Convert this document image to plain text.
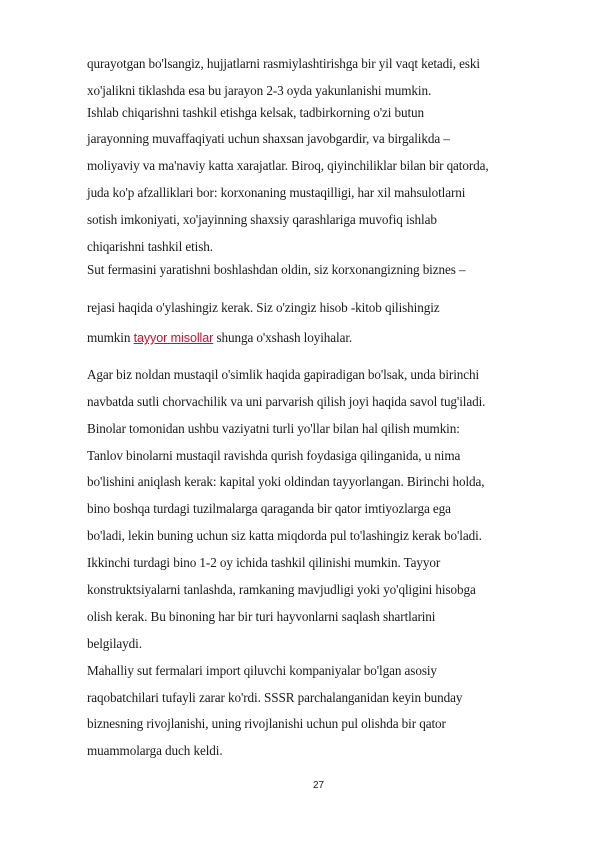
qurayotgan bo'lsangiz, hujjatlarni rasmiylashtirishga bir yil vaqt ketadi, eski
xo'jalikni tiklashda esa bu jarayon 2-3 oyda yakunlanishi mumkin.
Ishlab chiqarishni tashkil etishga kelsak, tadbirkorning o'zi butun
jarayonning muvaffaqiyati uchun shaxsan javobgardir, va birgalikda –
moliyaviy va ma'naviy katta xarajatlar. Biroq, qiyinchiliklar bilan bir qatorda,
juda ko'p afzalliklari bor: korxonaning mustaqilligi, har xil mahsulotlarni
sotish imkoniyati, xo'jayinning shaxsiy qarashlariga muvofiq ishlab
chiqarishni tashkil etish.
Sut fermasini yaratishni boshlashdan oldin, siz korxonangizning biznes –
rejasi haqida o'ylashingiz kerak. Siz o'zingiz hisob -kitob qilishingiz
mumkin tayyor misollar shunga o'xshash loyihalar.
Agar biz noldan mustaqil o'simlik haqida gapiradigan bo'lsak, unda birinchi
navbatda sutli chorvachilik va uni parvarish qilish joyi haqida savol tug'iladi.
Binolar tomonidan ushbu vaziyatni turli yo'llar bilan hal qilish mumkin:
Tanlov binolarni mustaqil ravishda qurish foydasiga qilinganida, u nima
bo'lishini aniqlash kerak: kapital yoki oldindan tayyorlangan. Birinchi holda,
bino boshqa turdagi tuzilmalarga qaraganda bir qator imtiyozlarga ega
bo'ladi, lekin buning uchun siz katta miqdorda pul to'lashingiz kerak bo'ladi.
Ikkinchi turdagi bino 1-2 oy ichida tashkil qilinishi mumkin. Tayyor
konstruktsiyalarni tanlashda, ramkaning mavjudligi yoki yo'qligini hisobga
olish kerak. Bu binoning har bir turi hayvonlarni saqlash shartlarini
belgilaydi.
Mahalliy sut fermalari import qiluvchi kompaniyalar bo'lgan asosiy
raqobatchilari tufayli zarar ko'rdi. SSSR parchalanganidan keyin bunday
biznesning rivojlanishi, uning rivojlanishi uchun pul olishda bir qator
muammolarga duch keldi.
27
